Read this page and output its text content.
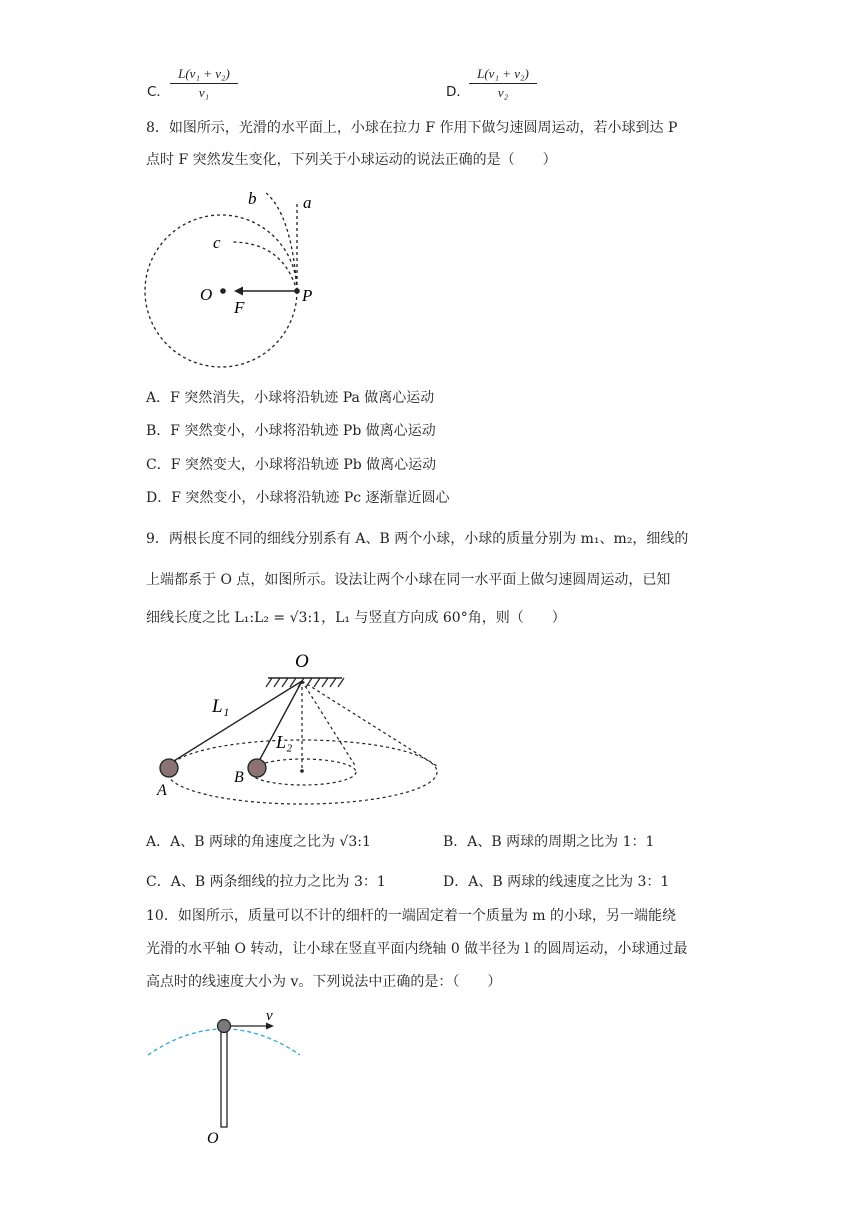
C． $\frac{\text{L(v₁ + v₂)}}{\text{v₁}}$	D． $\frac{\text{L(v₁ + v₂)}}{\text{v₂}}$
8．如图所示，光滑的水平面上，小球在拉力 F 作用下做匀速圆周运动，若小球到达 P
点时 F 突然发生变化，下列关于小球运动的说法正确的是（　　）
a
b
c
O
F
P
A．F 突然消失，小球将沿轨迹 Pa 做离心运动
B．F 突然变小，小球将沿轨迹 Pb 做离心运动
C．F 突然变大，小球将沿轨迹 Pb 做离心运动
D．F 突然变小，小球将沿轨迹 Pc 逐渐靠近圆心
9．两根长度不同的细线分别系有 A、B 两个小球，小球的质量分别为 m₁、m₂，细线的
上端都系于 O 点，如图所示。设法让两个小球在同一水平面上做匀速圆周运动，已知
细线长度之比 L₁:L₂ = √3:1，L₁ 与竖直方向成 60°角，则（　　）
O
L₁
L₂
A
B
A．A、B 两球的角速度之比为 √3:1	B．A、B 两球的周期之比为 1：1
C．A、B 两条细线的拉力之比为 3：1	D．A、B 两球的线速度之比为 3：1
10．如图所示，质量可以不计的细杆的一端固定着一个质量为 m 的小球，另一端能绕
光滑的水平轴 O 转动，让小球在竖直平面内绕轴 0 做半径为 l 的圆周运动，小球通过最
高点时的线速度大小为 v。下列说法中正确的是：（　　）
v
O
